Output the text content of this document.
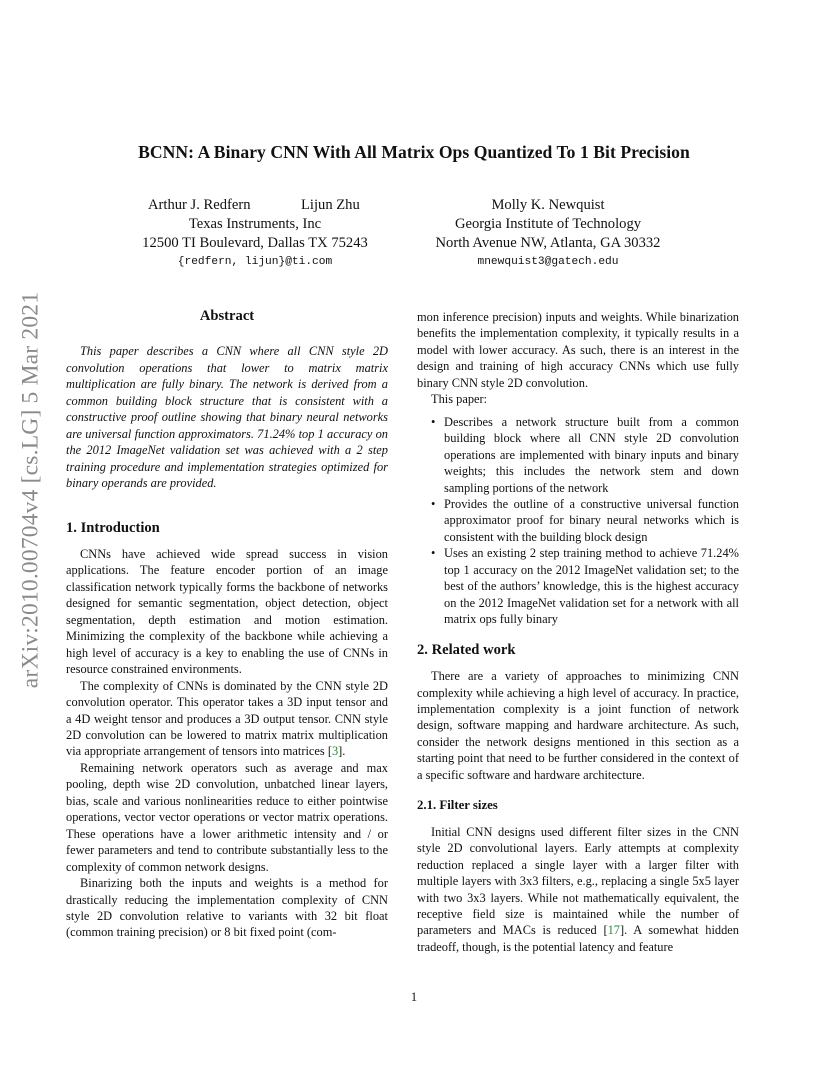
arXiv:2010.00704v4 [cs.LG] 5 Mar 2021
BCNN: A Binary CNN With All Matrix Ops Quantized To 1 Bit Precision
Arthur J. Redfern	Lijun Zhu
Texas Instruments, Inc
12500 TI Boulevard, Dallas TX 75243
{redfern, lijun}@ti.com
Molly K. Newquist
Georgia Institute of Technology
North Avenue NW, Atlanta, GA 30332
mnewquist3@gatech.edu
Abstract

This paper describes a CNN where all CNN style 2D convolution operations that lower to matrix matrix multiplication are fully binary. The network is derived from a common building block structure that is consistent with a constructive proof outline showing that binary neural networks are universal function approximators. 71.24% top 1 accuracy on the 2012 ImageNet validation set was achieved with a 2 step training procedure and implementation strategies optimized for binary operands are provided.

1. Introduction

CNNs have achieved wide spread success in vision applications. The feature encoder portion of an image classification network typically forms the backbone of networks designed for semantic segmentation, object detection, object segmentation, depth estimation and motion estimation. Minimizing the complexity of the backbone while achieving a high level of accuracy is a key to enabling the use of CNNs in resource constrained environments.

The complexity of CNNs is dominated by the CNN style 2D convolution operator. This operator takes a 3D input tensor and a 4D weight tensor and produces a 3D output tensor. CNN style 2D convolution can be lowered to matrix matrix multiplication via appropriate arrangement of tensors into matrices [3].

Remaining network operators such as average and max pooling, depth wise 2D convolution, unbatched linear layers, bias, scale and various nonlinearities reduce to either pointwise operations, vector vector operations or vector matrix operations. These operations have a lower arithmetic intensity and / or fewer parameters and tend to contribute substantially less to the complexity of common network designs.

Binarizing both the inputs and weights is a method for drastically reducing the implementation complexity of CNN style 2D convolution relative to variants with 32 bit float (common training precision) or 8 bit fixed point (com-

mon inference precision) inputs and weights. While binarization benefits the implementation complexity, it typically results in a model with lower accuracy. As such, there is an interest in the design and training of high accuracy CNNs which use fully binary CNN style 2D convolution.

This paper:

• Describes a network structure built from a common building block where all CNN style 2D convolution operations are implemented with binary inputs and binary weights; this includes the network stem and down sampling portions of the network
• Provides the outline of a constructive universal function approximator proof for binary neural networks which is consistent with the building block design
• Uses an existing 2 step training method to achieve 71.24% top 1 accuracy on the 2012 ImageNet validation set; to the best of the authors’ knowledge, this is the highest accuracy on the 2012 ImageNet validation set for a network with all matrix ops fully binary
2. Related work

There are a variety of approaches to minimizing CNN complexity while achieving a high level of accuracy. In practice, implementation complexity is a joint function of network design, software mapping and hardware architecture. As such, consider the network designs mentioned in this section as a starting point that need to be further considered in the context of a specific software and hardware architecture.

2.1. Filter sizes

Initial CNN designs used different filter sizes in the CNN style 2D convolutional layers. Early attempts at complexity reduction replaced a single layer with a larger filter with multiple layers with 3x3 filters, e.g., replacing a single 5x5 layer with two 3x3 layers. While not mathematically equivalent, the receptive field size is maintained while the number of parameters and MACs is reduced [17]. A somewhat hidden tradeoff, though, is the potential latency and feature

1
